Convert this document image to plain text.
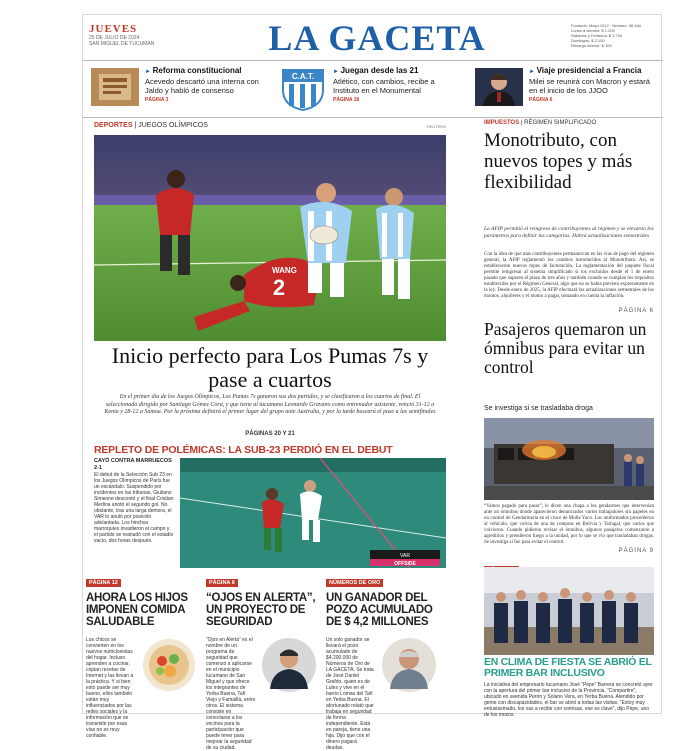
JUEVES
25 DE JULIO DE 2024
SAN MIGUEL DE TUCUMÁN	LA GACETA	Fundado: Mayo 1912 · Número: 36.4##
Lunes a viernes: $ 1.200
Sábados y Feriados: $ 1.700
Domingos: $ 2.100
Recargo interior: $ 100
► Reforma constitucional
Acevedo descartó una interna con Jaldo y habló de consenso
PÁGINA 3
C.A.T.
► Juegan desde las 21
Atlético, con cambios, recibe a Instituto en el Monumental
PÁGINA 18
► Viaje presidencial a Francia
Milei se reunirá con Macron y estará en el inicio de los JJOO
PÁGINA 6
DEPORTES | JUEGOS OLÍMPICOS	REUTERS
2
WANG
Inicio perfecto para Los Pumas 7s y pase a cuartos
En el primer día de los Juegos Olímpicos, Los Pumas 7s ganaron sus dos partidos, y se clasificaron a los cuartos de final. El seleccionado dirigido por Santiago Gómez Cora, y que tiene al tucumano Leonardo Gravano como entrenador asistente, venció 31-12 a Kenia y 28-12 a Samoa. Por la próxima definirá el primer lugar del grupo ante Australia, y por la tarde buscará el pase a las semifinales
PÁGINAS 20 Y 21
REPLETO DE POLÉMICAS: LA SUB-23 PERDIÓ EN EL DEBUT
CAYÓ CONTRA MARRUECOS 2-1
El debut de la Selección Sub 23 en los Juegos Olímpicos de París fue un escándalo. Suspendido por incidentes en las tribunas, Giuliano Simeone descontó y el final Cristian Medina anotó el segundo gol. No obstante, tras una larga demora, el VAR lo anuló por posición adelantada. Los hinchas marroquíes invadieron el campo y el partido se reanudó con el estadio vacío, dos horas después.
VAR
OFFSIDE
PÁGINA 12
AHORA LOS HIJOS IMPONEN COMIDA SALUDABLE
Los chicos se convierten en los nuevos nutricionistas del hogar. Incluso aprenden a cocinar, copian recetas de Internet y las llevan a la práctica. Y si bien esto puede ser muy bueno, ellos también están muy influenciados por las redes sociales y la información que se transmite por esas vías no es muy confiable.
PÁGINA 8
“OJOS EN ALERTA”, UN PROYECTO DE SEGURIDAD
“Ojos en Alerta” es el nombre de un programa de seguridad que comenzó a aplicarse en el municipio tucumano de San Miguel y que ofrece los integrantes de Yerba Buena, Tafí Viejo y Famaillá, entre otros. El sistema consiste en conectarse a los vecinos para la participación que puede tener para mejorar la seguridad de su ciudad.
NÚMEROS DE ORO
UN GANADOR DEL POZO ACUMULADO DE $ 4,2 MILLONES
Un solo ganador se llevará el pozo acumulado de $4.200.000 de Números de Oro de LA GACETA. Se trata de José Daniel Grafón, quien es de Lules y vive en el barrio Lomas del Tafí en Yerba Buena. El afortunado relató que trabaja en seguridad de forma independiente. Está en pareja, tiene una hija. Dijo que con el dinero pagará deudas.
IMPUESTOS | RÉGIMEN SIMPLIFICADO
Monotributo, con nuevos topes y más flexibilidad
La AFIP permitió el reingreso de contribuyentes al régimen y se elevaron los parámetros para definir las categorías. Habrá actualizaciones semestrales
Con la idea de que más contribuyentes permanezcan en las vías de pago del régimen general, la AFIP reglamentó los cambios introducidos al Monotributo. Así, se establecieron nuevos topes de facturación. La reglamentación del paquete fiscal permite reingresar al sistema simplificado si los excluidos desde el 1 de enero pasado que superen el plazo de tres años y también cuando se cumplan los requisitos establecidos por el Régimen General, algo que no se había previsto expresamente en la ley. Desde enero de 2025, la AFIP efectuará las actualizaciones semestrales de los montos, alquileres y el monto a pagar, tomando en cuenta la inflación.
PÁGINA 6
Pasajeros quemaron un ómnibus para evitar un control
Se investiga si se trasladaba droga
“Vamos pagado para pasar”, le dicen una chapa a los gendarmes que intervenían ante un ómnibus donde aparecieron denunciados varios trabajadores sin papeles en un control de Gendarmería en el cruce de Molle Yaco. Los uniformados procedieron al vehículo, que volvía de una de compras en Bolivia y Tartagal, que varios que volvieron. Cuando pidieron revisar el ómnibus, algunos pasajeros comenzaron a agredirlos y prendieron fuego a la unidad, por lo que se vio que trasladaban drogas. Se investiga si fue para evitar el control.
PÁGINA 9
EN CLIMA DE FIESTA SE ABRIÓ EL PRIMER BAR INCLUSIVO
La iniciativa del empresario tucumano José “Pepe” Barrera se concretó ayer con la apertura del primer bar inclusivo de la Provincia, “Compartire”, ubicado en avenida Perón y Solano Vera, en Yerba Buena. Atendido por gente con discapacidades, el bar se abrió a todas las visitas. “Estoy muy entusiasmado, los vas a recibir con sonrisas, ese es clave”, dijo Pépe, uno de los mozos.
